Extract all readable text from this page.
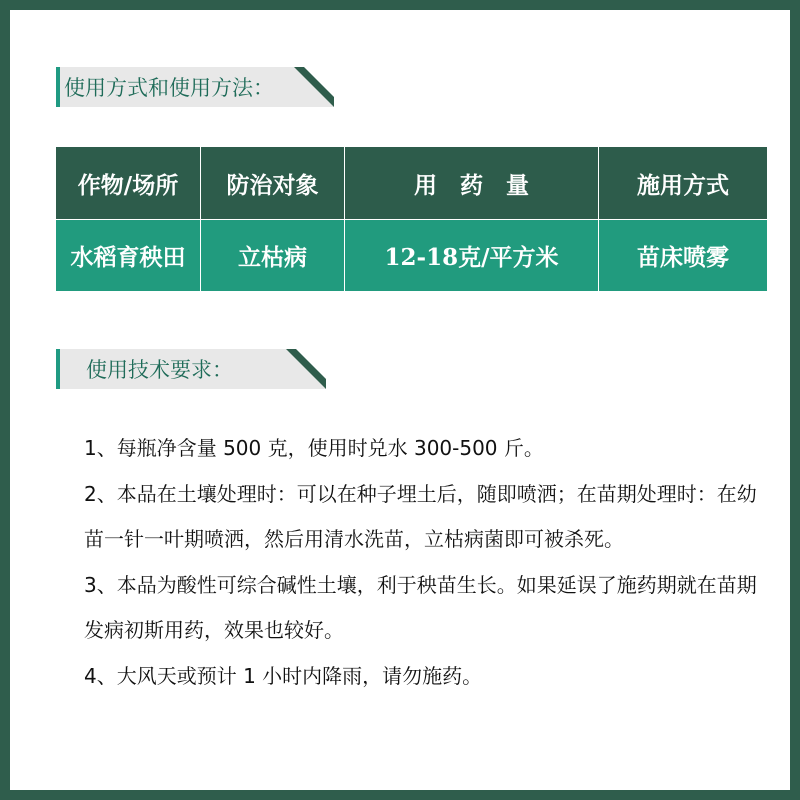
使用方式和使用方法：
作物/场所	防治对象	用　药　量	施用方式
水稻育秧田	立枯病	12-18克/平方米	苗床喷雾
使用技术要求：

1、每瓶净含量 500 克，使用时兑水 300-500 斤。

2、本品在土壤处理时：可以在种子埋土后，随即喷洒；在苗期处理时：在幼苗一针一叶期喷洒，然后用清水洗苗，立枯病菌即可被杀死。

3、本品为酸性可综合碱性土壤，利于秧苗生长。如果延误了施药期就在苗期发病初斯用药，效果也较好。

4、大风天或预计 1 小时内降雨，请勿施药。
